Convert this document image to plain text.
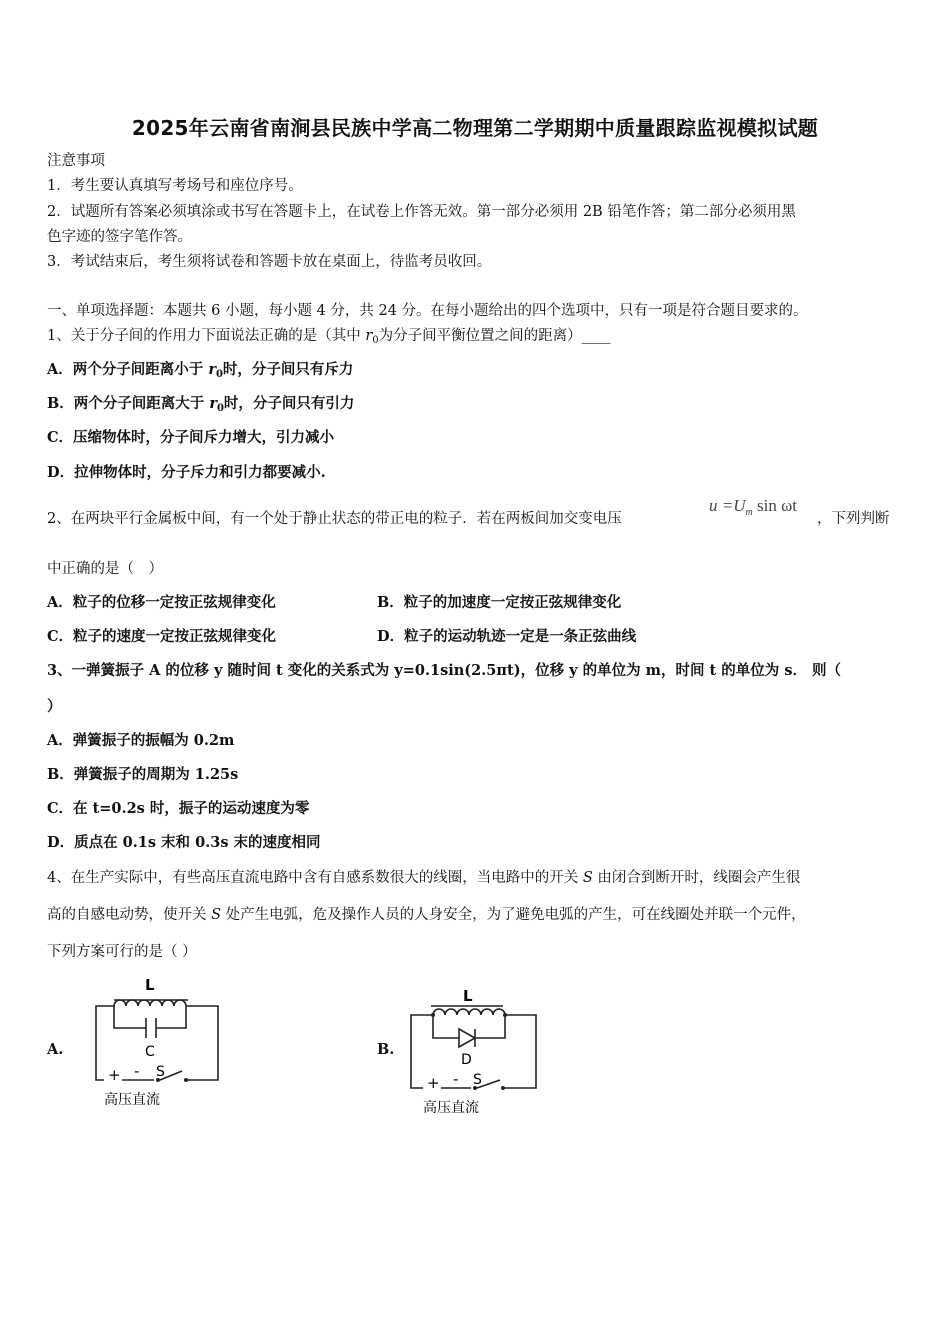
2025年云南省南涧县民族中学高二物理第二学期期中质量跟踪监视模拟试题
注意事项
1．考生要认真填写考场号和座位序号。
2．试题所有答案必须填涂或书写在答题卡上，在试卷上作答无效。第一部分必须用 2B 铅笔作答；第二部分必须用黑
色字迹的签字笔作答。
3．考试结束后，考生须将试卷和答题卡放在桌面上，待监考员收回。
一、单项选择题：本题共 6 小题，每小题 4 分，共 24 分。在每小题给出的四个选项中，只有一项是符合题目要求的。
1、关于分子间的作用力下面说法正确的是（其中 $r_0$为分子间平衡位置之间的距离）____
A．两个分子间距离小于 $r_0$时，分子间只有斥力
B．两个分子间距离大于 $r_0$时，分子间只有引力
C．压缩物体时，分子间斥力增大，引力减小
D．拉伸物体时，分子斥力和引力都要减小.
2、在两块平行金属板中间，有一个处于静止状态的带正电的粒子．若在两板间加交变电压
$u =U_m$ sin ωt
，下列判断
中正确的是（　）
A．粒子的位移一定按正弦规律变化	B．粒子的加速度一定按正弦规律变化
C．粒子的速度一定按正弦规律变化	D．粒子的运动轨迹一定是一条正弦曲线
3、一弹簧振子 A 的位移 y 随时间 t 变化的关系式为 y=0.1sin(2.5πt)，位移 y 的单位为 m，时间 t 的单位为 s． 则（
）
A．弹簧振子的振幅为 0.2m
B．弹簧振子的周期为 1.25s
C．在 t=0.2s 时，振子的运动速度为零
D．质点在 0.1s 末和 0.3s 末的速度相同
4、在生产实际中，有些高压直流电路中含有自感系数很大的线圈，当电路中的开关 S 由闭合到断开时，线圈会产生很
高的自感电动势，使开关 S 处产生电弧，危及操作人员的人身安全，为了避免电弧的产生，可在线圈处并联一个元件，
下列方案可行的是（ ）
A.	B.
L
C
+ - S
高压直流
L
D
+ - S
高压直流
